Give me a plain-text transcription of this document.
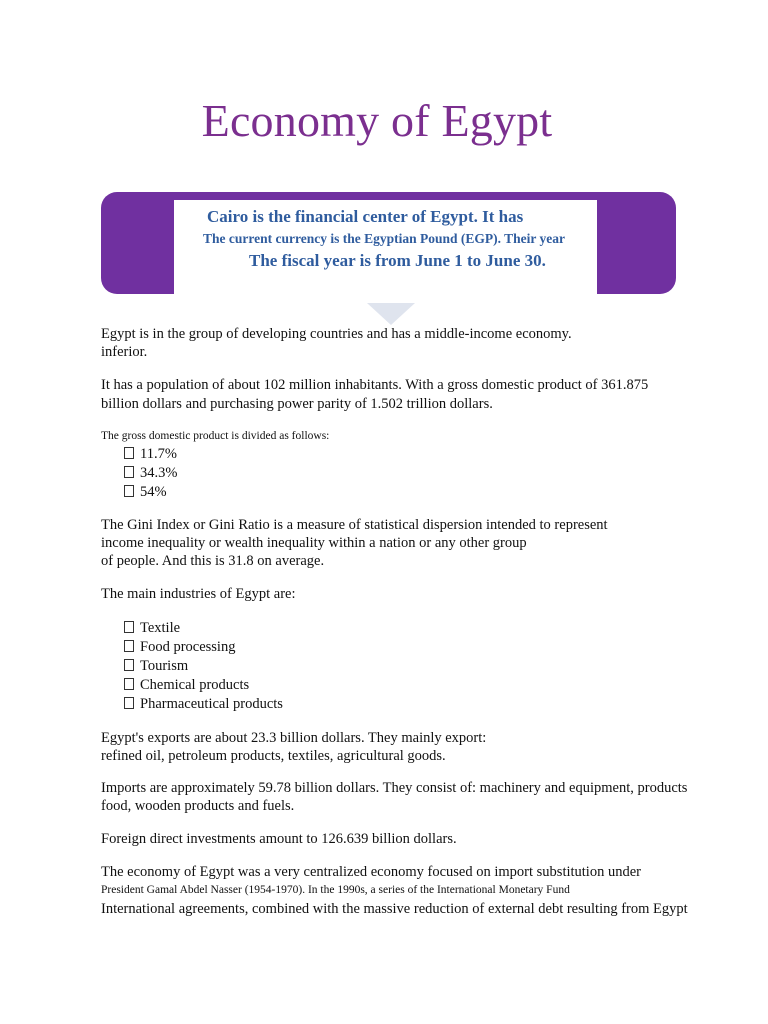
Economy of Egypt
Cairo is the financial center of Egypt. It has
The current currency is the Egyptian Pound (EGP). Their year
The fiscal year is from June 1 to June 30.
Egypt is in the group of developing countries and has a middle-income economy.
inferior.
It has a population of about 102 million inhabitants. With a gross domestic product of 361.875
billion dollars and purchasing power parity of 1.502 trillion dollars.
The gross domestic product is divided as follows:
11.7%
34.3%
54%
The Gini Index or Gini Ratio is a measure of statistical dispersion intended to represent
income inequality or wealth inequality within a nation or any other group
of people. And this is 31.8 on average.
The main industries of Egypt are:
Textile
Food processing
Tourism
Chemical products
Pharmaceutical products
Egypt's exports are about 23.3 billion dollars. They mainly export:
refined oil, petroleum products, textiles, agricultural goods.
Imports are approximately 59.78 billion dollars. They consist of: machinery and equipment, products
food, wooden products and fuels.
Foreign direct investments amount to 126.639 billion dollars.
The economy of Egypt was a very centralized economy focused on import substitution under
President Gamal Abdel Nasser (1954-1970). In the 1990s, a series of the International Monetary Fund
International agreements, combined with the massive reduction of external debt resulting from Egypt
